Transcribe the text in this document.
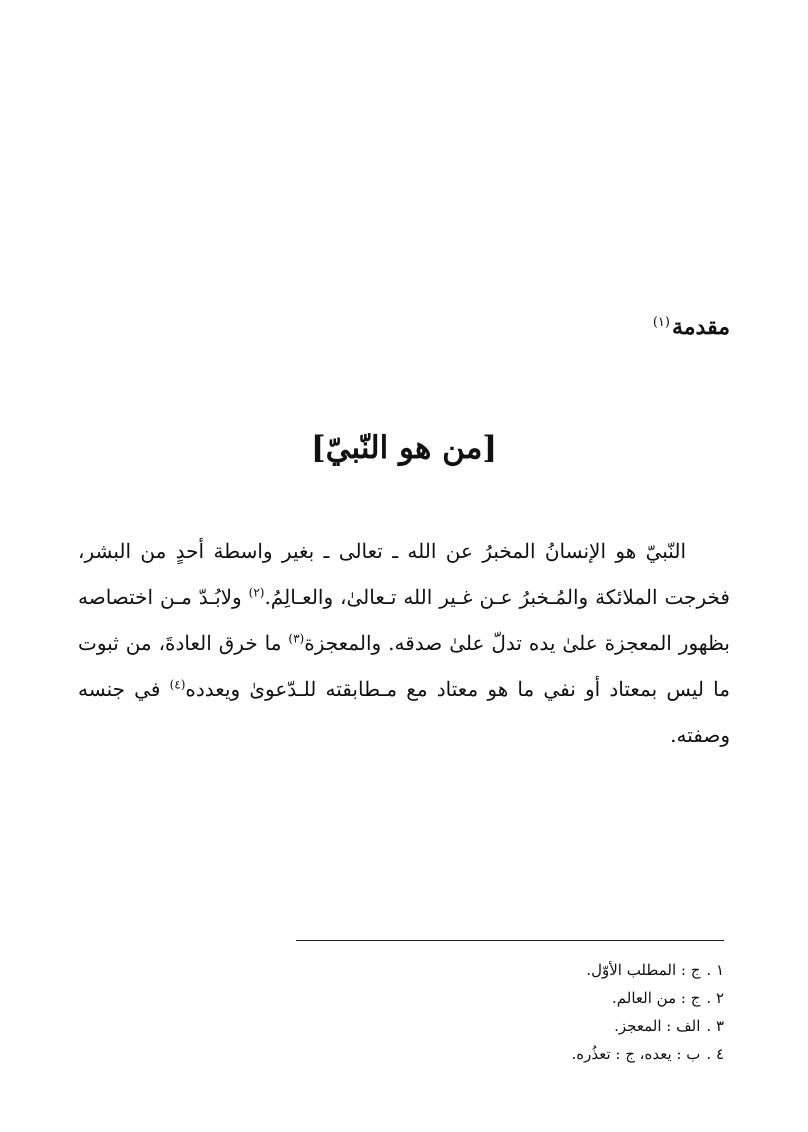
مقدمة$^{(١)}$
[من هو النّبيّ]

النّبيّ هو الإنسانُ المخبرُ عن الله ـ تعالى ـ بغير واسطة أحدٍ من البشر، فخرجت الملائكة والمُـخبرُ عـن غـير الله تـعالىٰ، والعـالِمُ.$^{(٢)}$ ولابُـدّ مـن اختصاصه بظهور المعجزة علىٰ يده تدلّ علىٰ صدقه. والمعجزة$^{(٣)}$ ما خرق العادةَ، من ثبوت ما ليس بمعتاد أو نفي ما هو معتاد مع مـطابقته للـدّعوىٰ ويعدده$^{(٤)}$ في جنسه وصفته.

١ .ج : المطلب الأوّل.
٢ .ج : من العالم.
٣ .الف : المعجز.
٤ .ب : يعده، ج : تعذُره.
